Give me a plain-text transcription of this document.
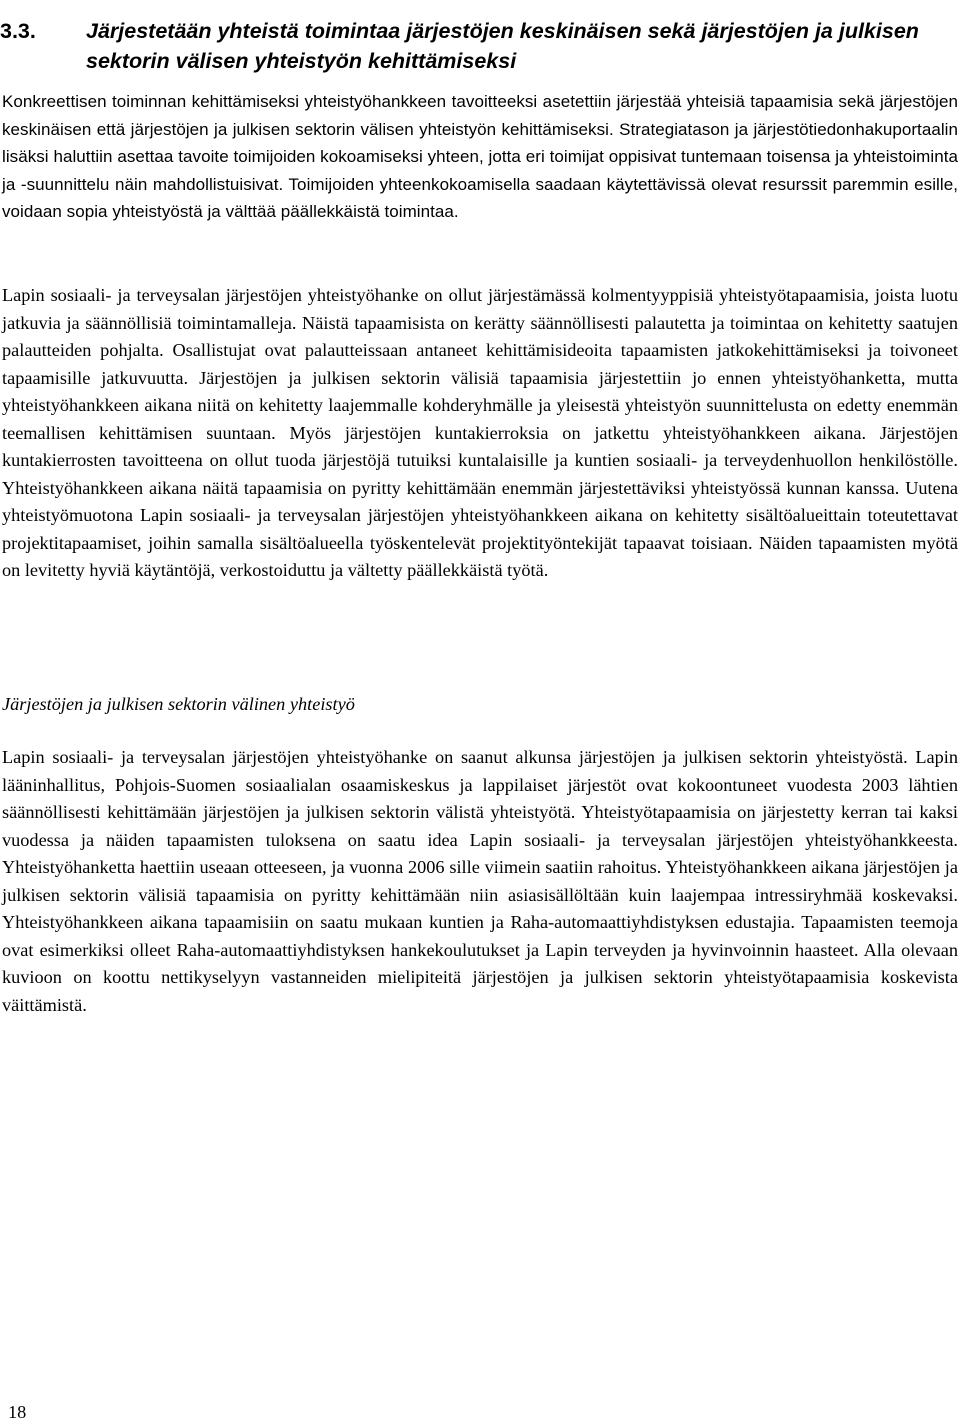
3.3. Järjestetään yhteistä toimintaa järjestöjen keskinäisen sekä järjestöjen ja julkisen sektorin välisen yhteistyön kehittämiseksi

Konkreettisen toiminnan kehittämiseksi yhteistyöhankkeen tavoitteeksi asetettiin järjestää yhteisiä tapaamisia sekä järjestöjen keskinäisen että järjestöjen ja julkisen sektorin välisen yhteistyön kehittämiseksi. Strategiatason ja järjestötiedonhakuportaalin lisäksi haluttiin asettaa tavoite toimijoiden kokoamiseksi yhteen, jotta eri toimijat oppisivat tuntemaan toisensa ja yhteistoiminta ja -suunnittelu näin mahdollistuisivat. Toimijoiden yhteenkokoamisella saadaan käytettävissä olevat resurssit paremmin esille, voidaan sopia yhteistyöstä ja välttää päällekkäistä toimintaa.

Lapin sosiaali- ja terveysalan järjestöjen yhteistyöhanke on ollut järjestämässä kolmentyyppisiä yhteistyötapaamisia, joista luotu jatkuvia ja säännöllisiä toimintamalleja. Näistä tapaamisista on kerätty säännöllisesti palautetta ja toimintaa on kehitetty saatujen palautteiden pohjalta. Osallistujat ovat palautteissaan antaneet kehittämisideoita tapaamisten jatkokehittämiseksi ja toivoneet tapaamisille jatkuvuutta. Järjestöjen ja julkisen sektorin välisiä tapaamisia järjestettiin jo ennen yhteistyöhanketta, mutta yhteistyöhankkeen aikana niitä on kehitetty laajemmalle kohderyhmälle ja yleisestä yhteistyön suunnittelusta on edetty enemmän teemallisen kehittämisen suuntaan. Myös järjestöjen kuntakierroksia on jatkettu yhteistyöhankkeen aikana. Järjestöjen kuntakierrosten tavoitteena on ollut tuoda järjestöjä tutuiksi kuntalaisille ja kuntien sosiaali- ja terveydenhuollon henkilöstölle. Yhteistyöhankkeen aikana näitä tapaamisia on pyritty kehittämään enemmän järjestettäviksi yhteistyössä kunnan kanssa. Uutena yhteistyömuotona Lapin sosiaali- ja terveysalan järjestöjen yhteistyöhankkeen aikana on kehitetty sisältöalueittain toteutettavat projektitapaamiset, joihin samalla sisältöalueella työskentelevät projektityöntekijät tapaavat toisiaan. Näiden tapaamisten myötä on levitetty hyviä käytäntöjä, verkostoiduttu ja vältetty päällekkäistä työtä.

Järjestöjen ja julkisen sektorin välinen yhteistyö

Lapin sosiaali- ja terveysalan järjestöjen yhteistyöhanke on saanut alkunsa järjestöjen ja julkisen sektorin yhteistyöstä. Lapin lääninhallitus, Pohjois-Suomen sosiaalialan osaamiskeskus ja lappilaiset järjestöt ovat kokoontuneet vuodesta 2003 lähtien säännöllisesti kehittämään järjestöjen ja julkisen sektorin välistä yhteistyötä. Yhteistyötapaamisia on järjestetty kerran tai kaksi vuodessa ja näiden tapaamisten tuloksena on saatu idea Lapin sosiaali- ja terveysalan järjestöjen yhteistyöhankkeesta. Yhteistyöhanketta haettiin useaan otteeseen, ja vuonna 2006 sille viimein saatiin rahoitus. Yhteistyöhankkeen aikana järjestöjen ja julkisen sektorin välisiä tapaamisia on pyritty kehittämään niin asiasisällöltään kuin laajempaa intressiryhmää koskevaksi. Yhteistyöhankkeen aikana tapaamisiin on saatu mukaan kuntien ja Raha-automaattiyhdistyksen edustajia. Tapaamisten teemoja ovat esimerkiksi olleet Raha-automaattiyhdistyksen hankekoulutukset ja Lapin terveyden ja hyvinvoinnin haasteet. Alla olevaan kuvioon on koottu nettikyselyyn vastanneiden mielipiteitä järjestöjen ja julkisen sektorin yhteistyötapaamisia koskevista väittämistä.

18
